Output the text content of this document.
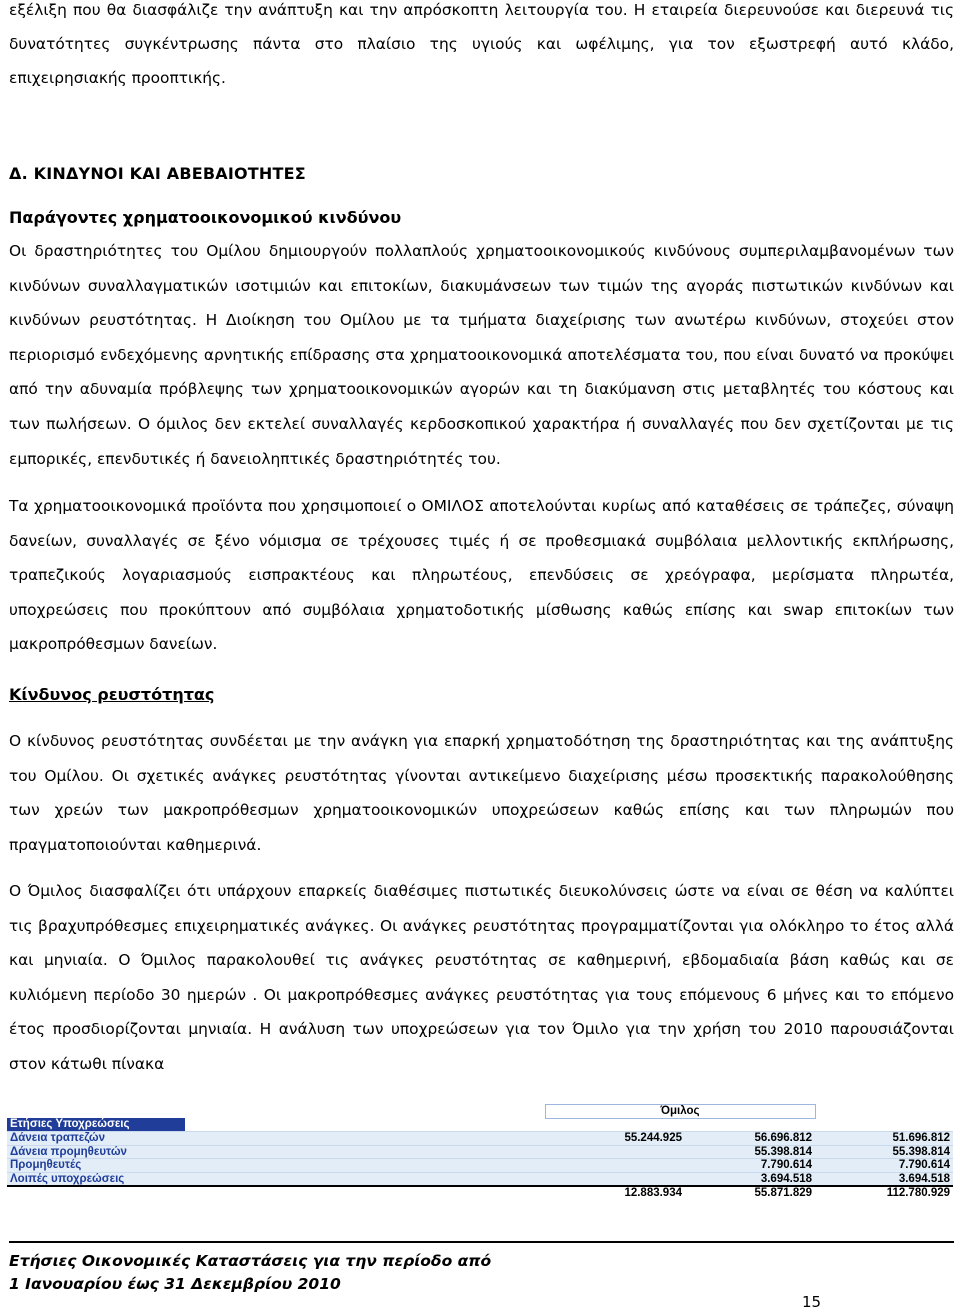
εξέλιξη που θα διασφάλιζε την ανάπτυξη και την απρόσκοπτη λειτουργία του. Η εταιρεία διερευνούσε και διερευνά τις δυνατότητες συγκέντρωσης πάντα στο πλαίσιο της υγιούς και ωφέλιμης, για τον εξωστρεφή αυτό κλάδο, επιχειρησιακής προοπτικής.

Δ. ΚΙΝΔΥΝΟΙ ΚΑΙ ΑΒΕΒΑΙΟΤΗΤΕΣ

Παράγοντες χρηματοοικονομικού κινδύνου

Οι δραστηριότητες του Ομίλου δημιουργούν πολλαπλούς χρηματοοικονομικούς κινδύνους συμπεριλαμβανομένων των κινδύνων συναλλαγματικών ισοτιμιών και επιτοκίων, διακυμάνσεων των τιμών της αγοράς πιστωτικών κινδύνων και κινδύνων ρευστότητας. Η Διοίκηση του Ομίλου με τα τμήματα διαχείρισης των ανωτέρω κινδύνων, στοχεύει στον περιορισμό ενδεχόμενης αρνητικής επίδρασης στα χρηματοοικονομικά αποτελέσματα του, που είναι δυνατό να προκύψει από την αδυναμία πρόβλεψης των χρηματοοικονομικών αγορών και τη διακύμανση στις μεταβλητές του κόστους και των πωλήσεων. Ο όμιλος δεν εκτελεί συναλλαγές κερδοσκοπικού χαρακτήρα ή συναλλαγές που δεν σχετίζονται με τις εμπορικές, επενδυτικές ή δανειοληπτικές δραστηριότητές του.

Τα χρηματοοικονομικά προϊόντα που χρησιμοποιεί ο ΟΜΙΛΟΣ αποτελούνται κυρίως από καταθέσεις σε τράπεζες, σύναψη δανείων, συναλλαγές σε ξένο νόμισμα σε τρέχουσες τιμές ή σε προθεσμιακά συμβόλαια μελλοντικής εκπλήρωσης, τραπεζικούς λογαριασμούς εισπρακτέους και πληρωτέους, επενδύσεις σε χρεόγραφα, μερίσματα πληρωτέα, υποχρεώσεις που προκύπτουν από συμβόλαια χρηματοδοτικής μίσθωσης καθώς επίσης και swap επιτοκίων των μακροπρόθεσμων δανείων.

Κίνδυνος ρευστότητας

Ο κίνδυνος ρευστότητας συνδέεται με την ανάγκη για επαρκή χρηματοδότηση της δραστηριότητας και της ανάπτυξης του Ομίλου. Οι σχετικές ανάγκες ρευστότητας γίνονται αντικείμενο διαχείρισης μέσω προσεκτικής παρακολούθησης των χρεών των μακροπρόθεσμων χρηματοοικονομικών υποχρεώσεων καθώς επίσης και των πληρωμών που πραγματοποιούνται καθημερινά.

Ο Όμιλος διασφαλίζει ότι υπάρχουν επαρκείς διαθέσιμες πιστωτικές διευκολύνσεις ώστε να είναι σε θέση να καλύπτει τις βραχυπρόθεσμες επιχειρηματικές ανάγκες. Οι ανάγκες ρευστότητας προγραμματίζονται για ολόκληρο το έτος αλλά και μηνιαία. Ο Όμιλος παρακολουθεί τις ανάγκες ρευστότητας σε καθημερινή, εβδομαδιαία βάση καθώς και σε κυλιόμενη περίοδο 30 ημερών . Οι μακροπρόθεσμες ανάγκες ρευστότητας για τους επόμενους 6 μήνες και το επόμενο έτος προσδιορίζονται μηνιαία. Η ανάλυση των υποχρεώσεων για τον Όμιλο για την χρήση του 2010 παρουσιάζονται στον κάτωθι πίνακα

				Όμιλος		
Ετήσιες Υποχρεώσεις						
Δάνεια τραπεζών				55.244.925	56.696.812	51.696.812
Δάνεια προμηθευτών					55.398.814	55.398.814
Προμηθευτές					7.790.614	7.790.614
Λοιπές υποχρεώσεις					3.694.518	3.694.518
				12.883.934	55.871.829	112.780.929
Ετήσιες Οικονομικές Καταστάσεις για την περίοδο από
1 Ιανουαρίου έως 31 Δεκεμβρίου 2010
15
